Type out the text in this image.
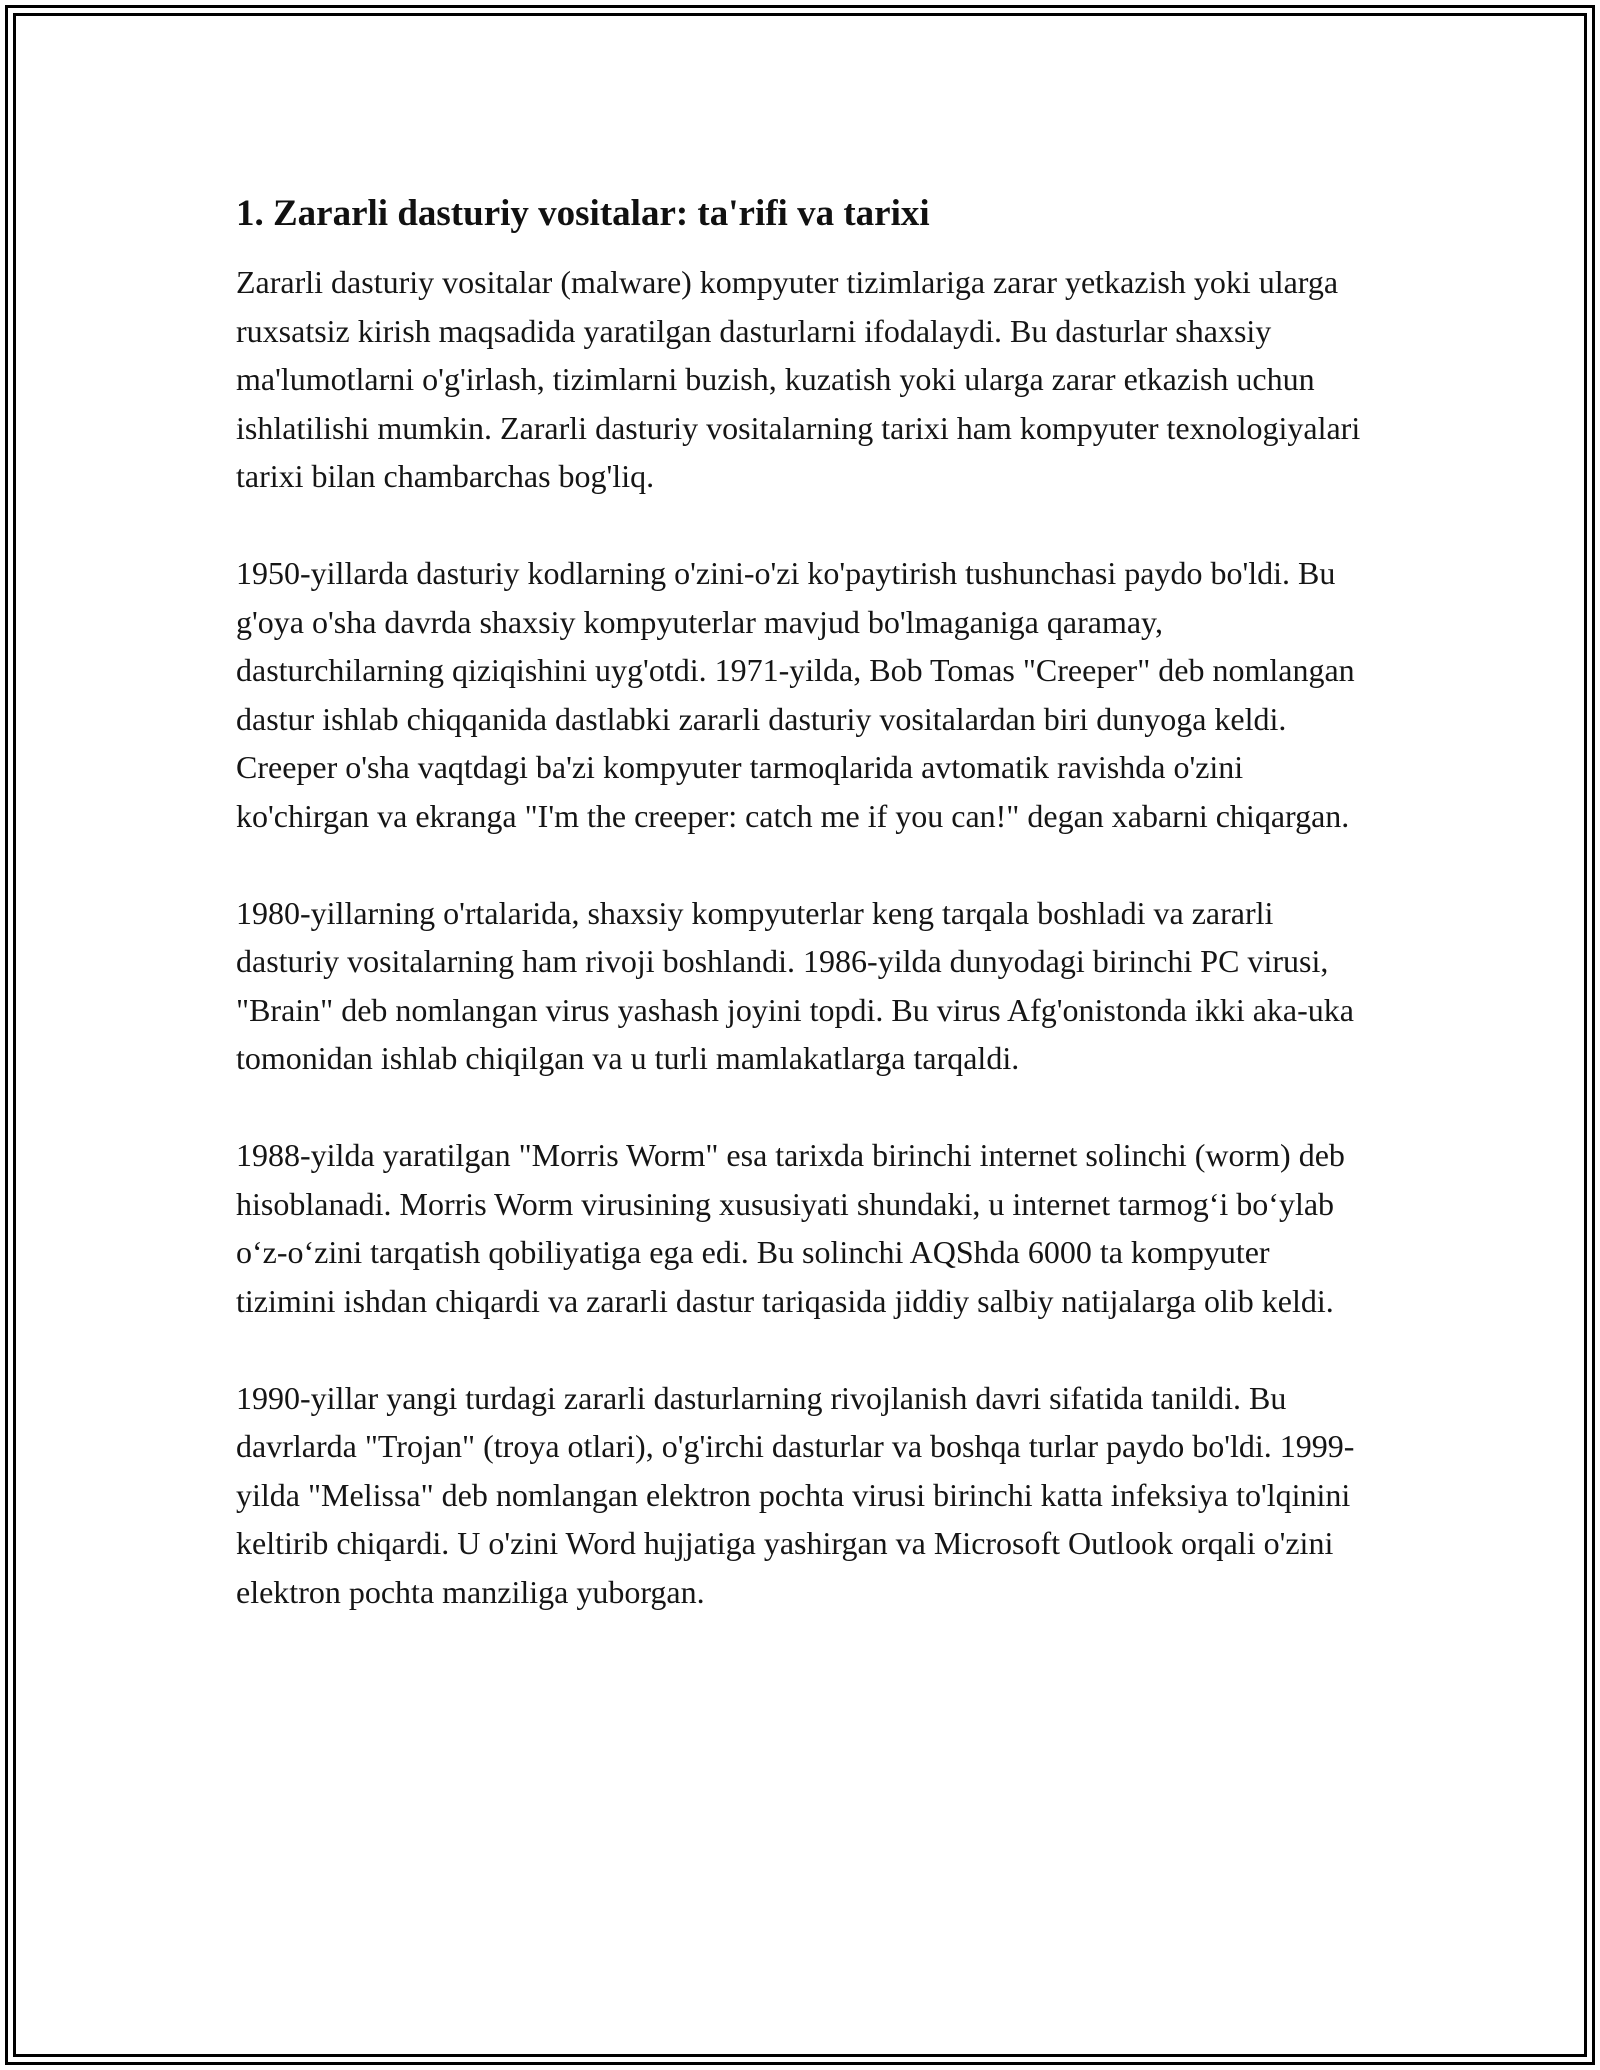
1. Zararli dasturiy vositalar: ta'rifi va tarixi

Zararli dasturiy vositalar (malware) kompyuter tizimlariga zarar yetkazish yoki ularga ruxsatsiz kirish maqsadida yaratilgan dasturlarni ifodalaydi. Bu dasturlar shaxsiy ma'lumotlarni o'g'irlash, tizimlarni buzish, kuzatish yoki ularga zarar etkazish uchun ishlatilishi mumkin. Zararli dasturiy vositalarning tarixi ham kompyuter texnologiyalari tarixi bilan chambarchas bog'liq.

1950-yillarda dasturiy kodlarning o'zini-o'zi ko'paytirish tushunchasi paydo bo'ldi. Bu g'oya o'sha davrda shaxsiy kompyuterlar mavjud bo'lmaganiga qaramay, dasturchilarning qiziqishini uyg'otdi. 1971-yilda, Bob Tomas "Creeper" deb nomlangan dastur ishlab chiqqanida dastlabki zararli dasturiy vositalardan biri dunyoga keldi. Creeper o'sha vaqtdagi ba'zi kompyuter tarmoqlarida avtomatik ravishda o'zini ko'chirgan va ekranga "I'm the creeper: catch me if you can!" degan xabarni chiqargan.

1980-yillarning o'rtalarida, shaxsiy kompyuterlar keng tarqala boshladi va zararli dasturiy vositalarning ham rivoji boshlandi. 1986-yilda dunyodagi birinchi PC virusi, "Brain" deb nomlangan virus yashash joyini topdi. Bu virus Afg'onistonda ikki aka-uka tomonidan ishlab chiqilgan va u turli mamlakatlarga tarqaldi.

1988-yilda yaratilgan "Morris Worm" esa tarixda birinchi internet solinchi (worm) deb hisoblanadi. Morris Worm virusining xususiyati shundaki, u internet tarmog‘i bo‘ylab o‘z-o‘zini tarqatish qobiliyatiga ega edi. Bu solinchi AQShda 6000 ta kompyuter tizimini ishdan chiqardi va zararli dastur tariqasida jiddiy salbiy natijalarga olib keldi.

1990-yillar yangi turdagi zararli dasturlarning rivojlanish davri sifatida tanildi. Bu davrlarda "Trojan" (troya otlari), o'g'irchi dasturlar va boshqa turlar paydo bo'ldi. 1999-yilda "Melissa" deb nomlangan elektron pochta virusi birinchi katta infeksiya to'lqinini keltirib chiqardi. U o'zini Word hujjatiga yashirgan va Microsoft Outlook orqali o'zini elektron pochta manziliga yuborgan.
